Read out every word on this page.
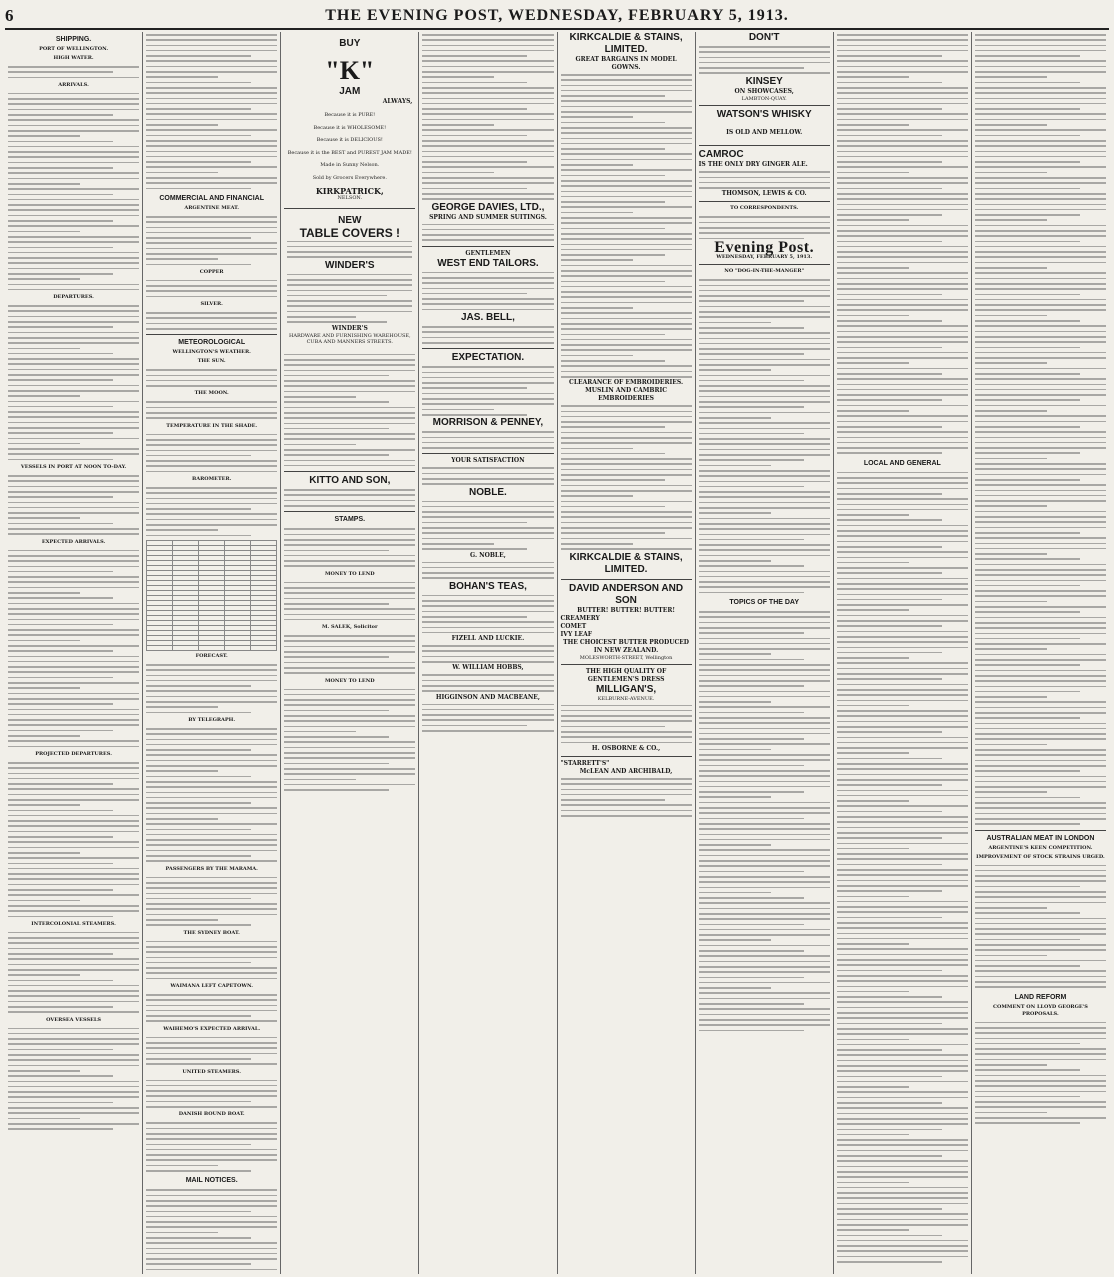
6	THE EVENING POST, WEDNESDAY, FEBRUARY 5, 1913.
SHIPPING.
PORT OF WELLINGTON.
HIGH WATER.
ARRIVALS.
DEPARTURES.
VESSELS IN PORT AT NOON TO-DAY.
EXPECTED ARRIVALS.
PROJECTED DEPARTURES.
INTERCOLONIAL STEAMERS.
OVERSEA VESSELS
COMMERCIAL AND FINANCIAL
ARGENTINE MEAT.
COPPER
SILVER.
METEOROLOGICAL
WELLINGTON'S WEATHER.
THE SUN.
THE MOON.
TEMPERATURE IN THE SHADE.
BAROMETER.

FORECAST.
BY TELEGRAPH.
PASSENGERS BY THE MARAMA.
THE SYDNEY BOAT.
WAIMANA LEFT CAPETOWN.
WAIHEMO'S EXPECTED ARRIVAL.
UNITED STEAMERS.
DANISH BOUND BOAT.
MAIL NOTICES.
BUY
"K"
JAM
ALWAYS,
Because it is PURE!
Because it is WHOLESOME!
Because it is DELICIOUS!
Because it is the BEST and PUREST JAM MADE!
Made in Sunny Nelson.
Sold by Grocers Everywhere.
KIRKPATRICK,
NELSON.
NEW
TABLE COVERS !
WINDER'S
WINDER'S
HARDWARE AND FURNISHING WAREHOUSE,
CUBA AND MANNERS STREETS.
KITTO AND SON,
STAMPS.
MONEY TO LEND
M. SALEK, Solicitor
MONEY TO LEND
GEORGE DAVIES, LTD.,
SPRING AND SUMMER SUITINGS.
GENTLEMEN
WEST END TAILORS.
JAS. BELL,
EXPECTATION.
MORRISON & PENNEY,
YOUR SATISFACTION
NOBLE.
G. NOBLE,
BOHAN'S TEAS,
FIZELL AND LUCKIE.
W. WILLIAM HOBBS,
HIGGINSON AND MACBEANE,
KIRKCALDIE & STAINS, LIMITED.
GREAT BARGAINS IN MODEL GOWNS.
CLEARANCE OF EMBROIDERIES.
MUSLIN AND CAMBRIC EMBROIDERIES
KIRKCALDIE & STAINS, LIMITED.
DAVID ANDERSON AND SON
BUTTER! BUTTER! BUTTER!
CREAMERY
COMET
IVY LEAF
THE CHOICEST BUTTER PRODUCED IN NEW ZEALAND.
MOLESWORTH-STREET, Wellington
THE HIGH QUALITY OF GENTLEMEN'S DRESS
MILLIGAN'S,
KELBURNE-AVENUE.
H. OSBORNE & CO.,
"STARRETT'S"
McLEAN AND ARCHIBALD,
DON'T
KINSEY
ON SHOWCASES,
LAMBTON-QUAY.
WATSON'S WHISKY
IS OLD AND MELLOW.
CAMROC
IS THE ONLY DRY GINGER ALE.
THOMSON, LEWIS & CO.
TO CORRESPONDENTS.
Evening Post.
WEDNESDAY, FEBRUARY 5, 1913.
NO "DOG-IN-THE-MANGER"
TOPICS OF THE DAY
LOCAL AND GENERAL
AUSTRALIAN MEAT IN LONDON
ARGENTINE'S KEEN COMPETITION.
IMPROVEMENT OF STOCK STRAINS URGED.
LAND REFORM
COMMENT ON LLOYD GEORGE'S PROPOSALS.
